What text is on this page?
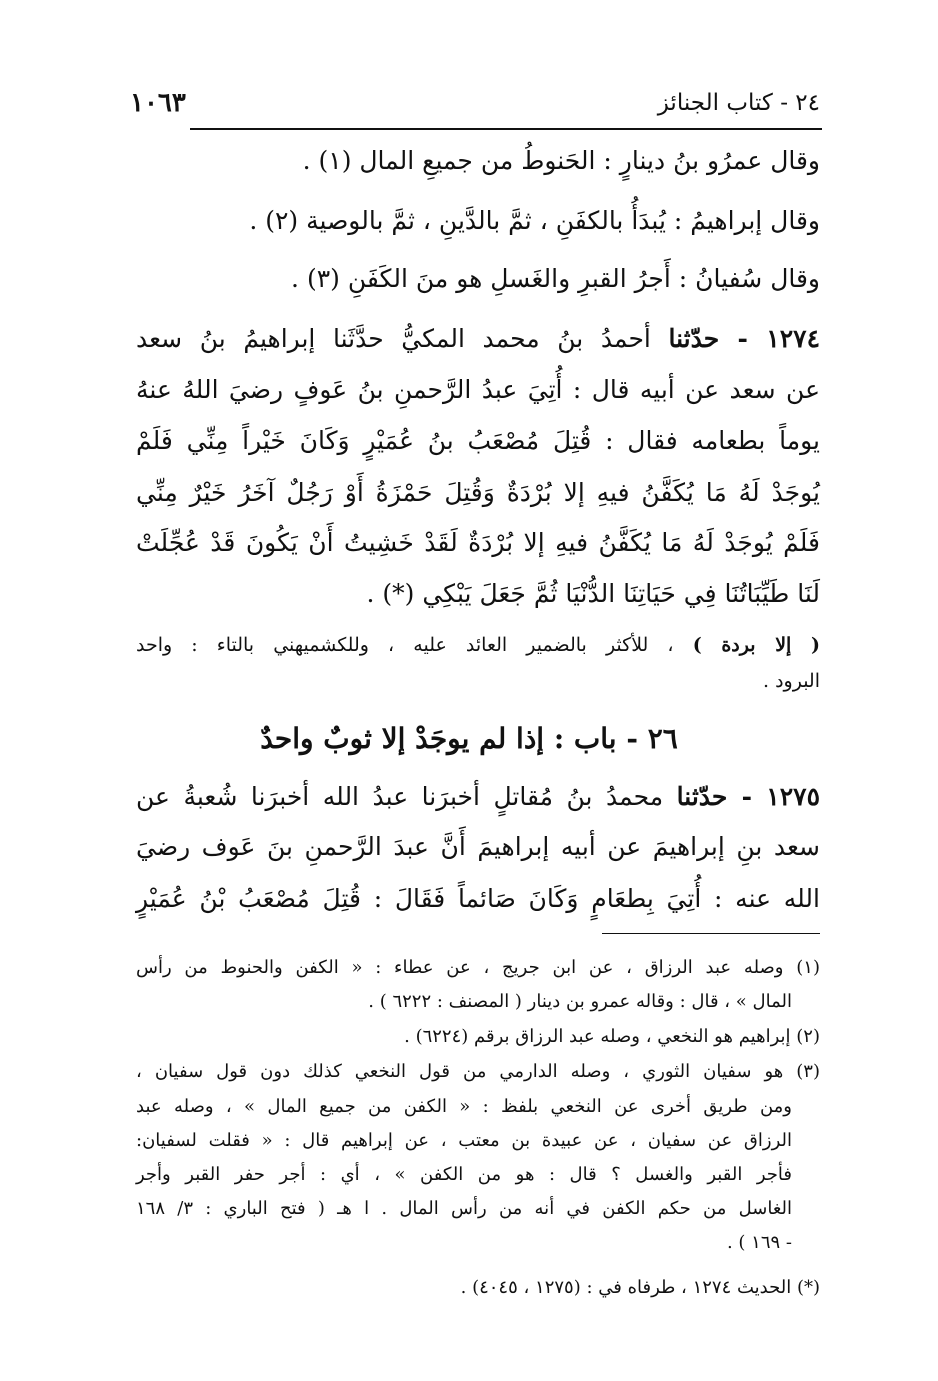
١٠٦٣	٢٤ - كتاب الجنائز
وقال عمرُو بنُ دينارٍ : الحَنوطُ من جميعِ المال (١) .
وقال إبراهيمُ : يُبدَأُ بالكفَنِ ، ثمَّ بالدَّينِ ، ثمَّ بالوصية (٢) .
وقال سُفيانُ : أَجرُ القبرِ والغَسلِ هو منَ الكَفَنِ (٣) .
١٢٧٤ - حدّثنا أحمدُ بنُ محمد المكيُّ حدَّثَنا إبراهيمُ بنُ سعد
عن سعد عن أبيه قال : أُتِيَ عبدُ الرَّحمنِ بنُ عَوفٍ رضيَ اللهُ عنهُ
يوماً بطعامه فقال : قُتِلَ مُصْعَبُ بنُ عُمَيْرٍ وَكَانَ خَيْراً مِنِّي فَلَمْ
يُوجَدْ لَهُ مَا يُكَفَّنُ فيهِ إلا بُرْدَةٌ وَقُتِلَ حَمْزَةُ أَوْ رَجُلٌ آخَرُ خَيْرٌ مِنِّي
فَلَمْ يُوجَدْ لَهُ مَا يُكَفَّنُ فيهِ إلا بُرْدَةٌ لَقَدْ خَشِيتُ أَنْ يَكُونَ قَدْ عُجِّلَتْ
لَنَا طَيِّبَاتُنَا فِي حَيَاتِنَا الدُّنْيَا ثُمَّ جَعَلَ يَبْكِي (*) .
( إلا بردة ) ، للأكثر بالضمير العائد عليه ، وللكشميهني بالتاء : واحد
البرود .
٢٦ - باب : إذا لم يوجَدْ إلا ثوبٌ واحدٌ
١٢٧٥ - حدّثنا محمدُ بنُ مُقاتلٍ أخبرَنا عبدُ الله أخبرَنا شُعبةُ عن
سعد بنِ إبراهيمَ عن أبيه إبراهيمَ أَنَّ عبدَ الرَّحمنِ بنَ عَوف رضيَ
الله عنه : أُتِيَ بِطعَامٍ وَكَانَ صَائماً فَقَالَ : قُتِلَ مُصْعَبُ بْنُ عُمَيْرٍ
(١) وصله عبد الرزاق ، عن ابن جريج ، عن عطاء : « الكفن والحنوط من رأس
المال » ، قال : وقاله عمرو بن دينار ( المصنف : ٦٢٢٢ ) .
(٢) إبراهيم هو النخعي ، وصله عبد الرزاق برقم (٦٢٢٤) .
(٣) هو سفيان الثوري ، وصله الدارمي من قول النخعي كذلك دون قول سفيان ،
ومن طريق أخرى عن النخعي بلفظ : « الكفن من جميع المال » ، وصله عبد
الرزاق عن سفيان ، عن عبيدة بن معتب ، عن إبراهيم قال : « فقلت لسفيان:
فأجر القبر والغسل ؟ قال : هو من الكفن » ، أي : أجر حفر القبر وأجر
الغاسل من حكم الكفن في أنه من رأس المال . ا هـ ( فتح الباري : ٣/ ١٦٨
- ١٦٩ ) .
(*) الحديث ١٢٧٤ ، طرفاه في : (١٢٧٥ ، ٤٠٤٥) .
